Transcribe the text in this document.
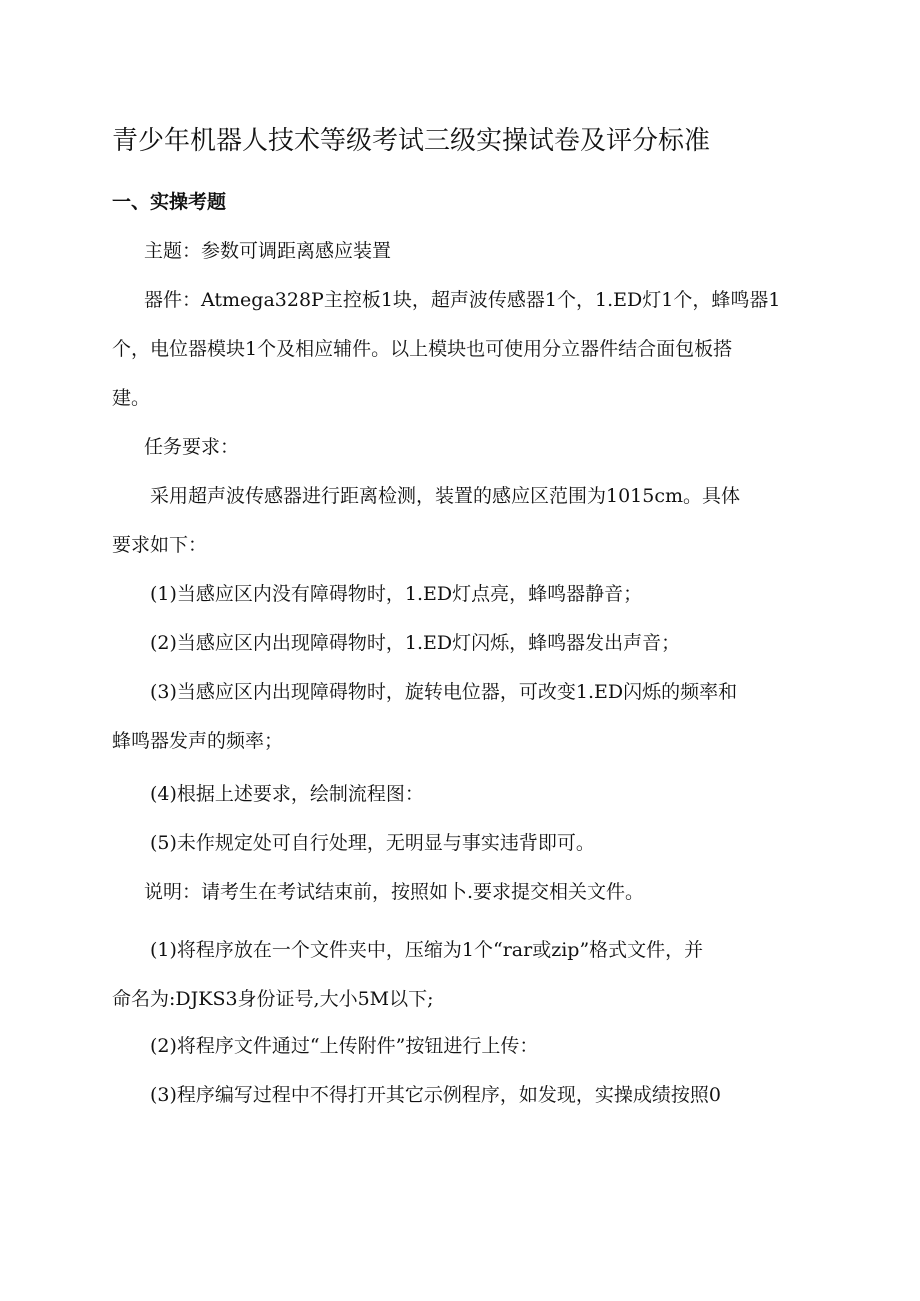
青少年机器人技术等级考试三级实操试卷及评分标准
一、实操考题

主题：参数可调距离感应装置

器件：Atmega328P主控板1块，超声波传感器1个，1.ED灯1个，蜂鸣器1

个，电位器模块1个及相应辅件。以上模块也可使用分立器件结合面包板搭

建。

任务要求：

采用超声波传感器进行距离检测，装置的感应区范围为1015cm。具体

要求如下：

(1)当感应区内没有障碍物时，1.ED灯点亮，蜂鸣器静音；

(2)当感应区内出现障碍物时，1.ED灯闪烁，蜂鸣器发出声音；

(3)当感应区内出现障碍物时，旋转电位器，可改变1.ED闪烁的频率和

蜂鸣器发声的频率；

(4)根据上述要求，绘制流程图：

(5)未作规定处可自行处理，无明显与事实违背即可。

说明：请考生在考试结束前，按照如卜.要求提交相关文件。

(1)将程序放在一个文件夹中，压缩为1个“rar或zip”格式文件，并

命名为:DJKS3身份证号,大小5M以下;

(2)将程序文件通过“上传附件”按钮进行上传：

(3)程序编写过程中不得打开其它示例程序，如发现，实操成绩按照0
